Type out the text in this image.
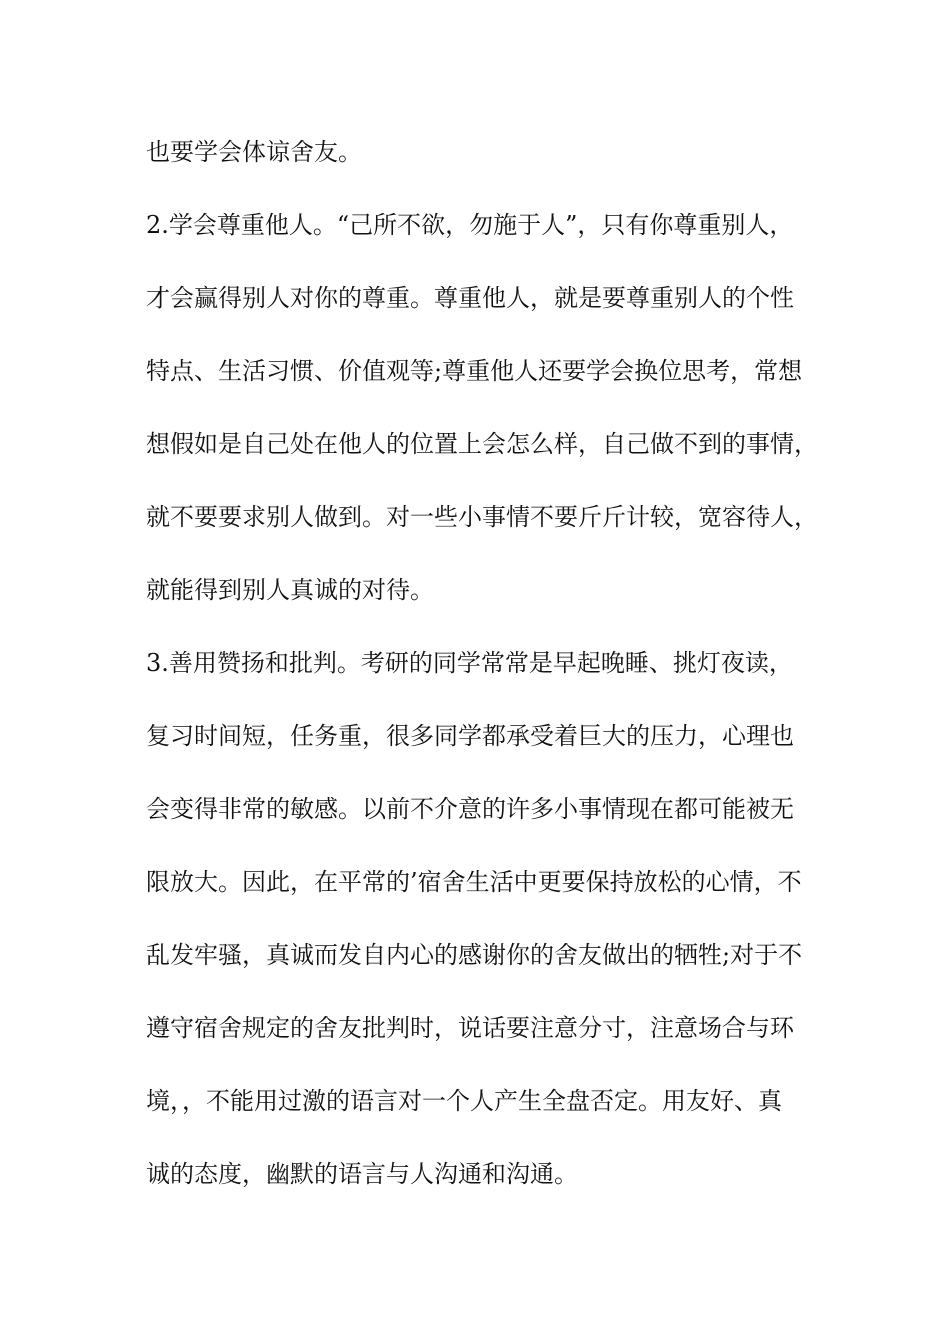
也要学会体谅舍友。
2.学会尊重他人。“己所不欲，勿施于人”，只有你尊重别人，
才会赢得别人对你的尊重。尊重他人，就是要尊重别人的个性
特点、生活习惯、价值观等;尊重他人还要学会换位思考，常想
想假如是自己处在他人的位置上会怎么样，自己做不到的事情，
就不要要求别人做到。对一些小事情不要斤斤计较，宽容待人，
就能得到别人真诚的对待。
3.善用赞扬和批判。考研的同学常常是早起晚睡、挑灯夜读，
复习时间短，任务重，很多同学都承受着巨大的压力，心理也
会变得非常的敏感。以前不介意的许多小事情现在都可能被无
限放大。因此，在平常的’宿舍生活中更要保持放松的心情，不
乱发牢骚，真诚而发自内心的感谢你的舍友做出的牺牲;对于不
遵守宿舍规定的舍友批判时，说话要注意分寸，注意场合与环
境，，不能用过激的语言对一个人产生全盘否定。用友好、真
诚的态度，幽默的语言与人沟通和沟通。
